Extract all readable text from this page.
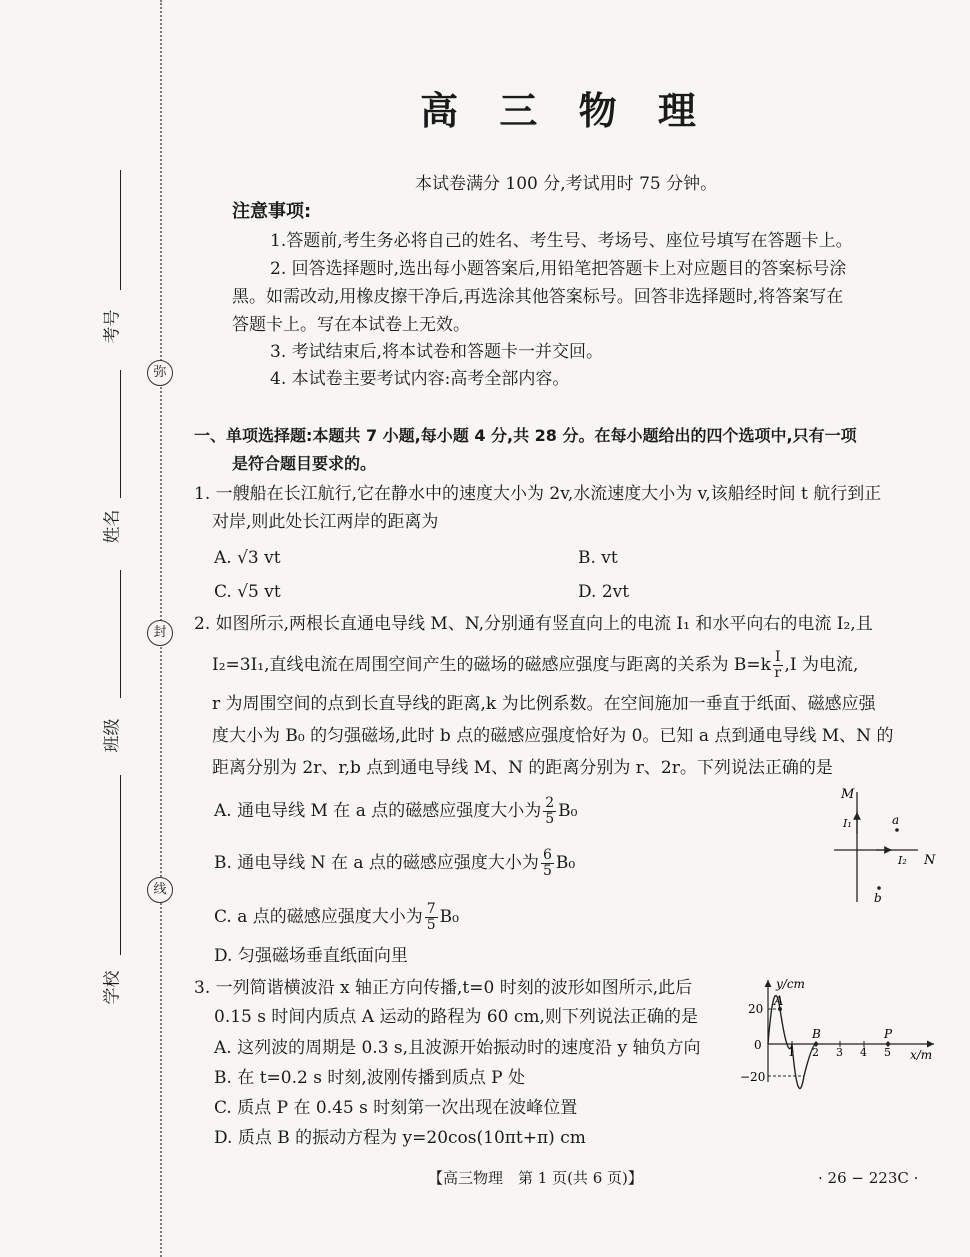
弥
封
线
考号
姓名
班级
学校
高 三 物 理
本试卷满分 100 分,考试用时 75 分钟。
注意事项:
1.答题前,考生务必将自己的姓名、考生号、考场号、座位号填写在答题卡上。
2. 回答选择题时,选出每小题答案后,用铅笔把答题卡上对应题目的答案标号涂
黑。如需改动,用橡皮擦干净后,再选涂其他答案标号。回答非选择题时,将答案写在
答题卡上。写在本试卷上无效。
3. 考试结束后,将本试卷和答题卡一并交回。
4. 本试卷主要考试内容:高考全部内容。
一、单项选择题:本题共 7 小题,每小题 4 分,共 28 分。在每小题给出的四个选项中,只有一项
是符合题目要求的。
1. 一艘船在长江航行,它在静水中的速度大小为 2v,水流速度大小为 v,该船经时间 t 航行到正
对岸,则此处长江两岸的距离为
A. √3 vt	B. vt
C. √5 vt	D. 2vt
2. 如图所示,两根长直通电导线 M、N,分别通有竖直向上的电流 I₁ 和水平向右的电流 I₂,且
I₂=3I₁,直线电流在周围空间产生的磁场的磁感应强度与距离的关系为 $B=k \frac{I}{r} ,I$ 为电流,
r 为周围空间的点到长直导线的距离,k 为比例系数。在空间施加一垂直于纸面、磁感应强
度大小为 B₀ 的匀强磁场,此时 b 点的磁感应强度恰好为 0。已知 a 点到通电导线 M、N 的
距离分别为 2r、r,b 点到通电导线 M、N 的距离分别为 r、2r。下列说法正确的是
A. 通电导线 M 在 a 点的磁感应强度大小为 $\frac{2}{5} B_0$
B. 通电导线 N 在 a 点的磁感应强度大小为 $\frac{6}{5} B_0$
C. a 点的磁感应强度大小为 $\frac{7}{5} B_0$
D. 匀强磁场垂直纸面向里
M
I₁
I₂ N
a
b
3. 一列简谐横波沿 x 轴正方向传播,t=0 时刻的波形如图所示,此后
0.15 s 时间内质点 A 运动的路程为 60 cm,则下列说法正确的是
A. 这列波的周期是 0.3 s,且波源开始振动时的速度沿 y 轴负方向
B. 在 t=0.2 s 时刻,波刚传播到质点 P 处
C. 质点 P 在 0.45 s 时刻第一次出现在波峰位置
D. 质点 B 的振动方程为 y=20cos(10πt+π) cm
y/cm
x/m
20
0
−20
1 2 3 4 5
A
B	P
【高三物理　第 1 页(共 6 页)】	· 26 − 223C ·
